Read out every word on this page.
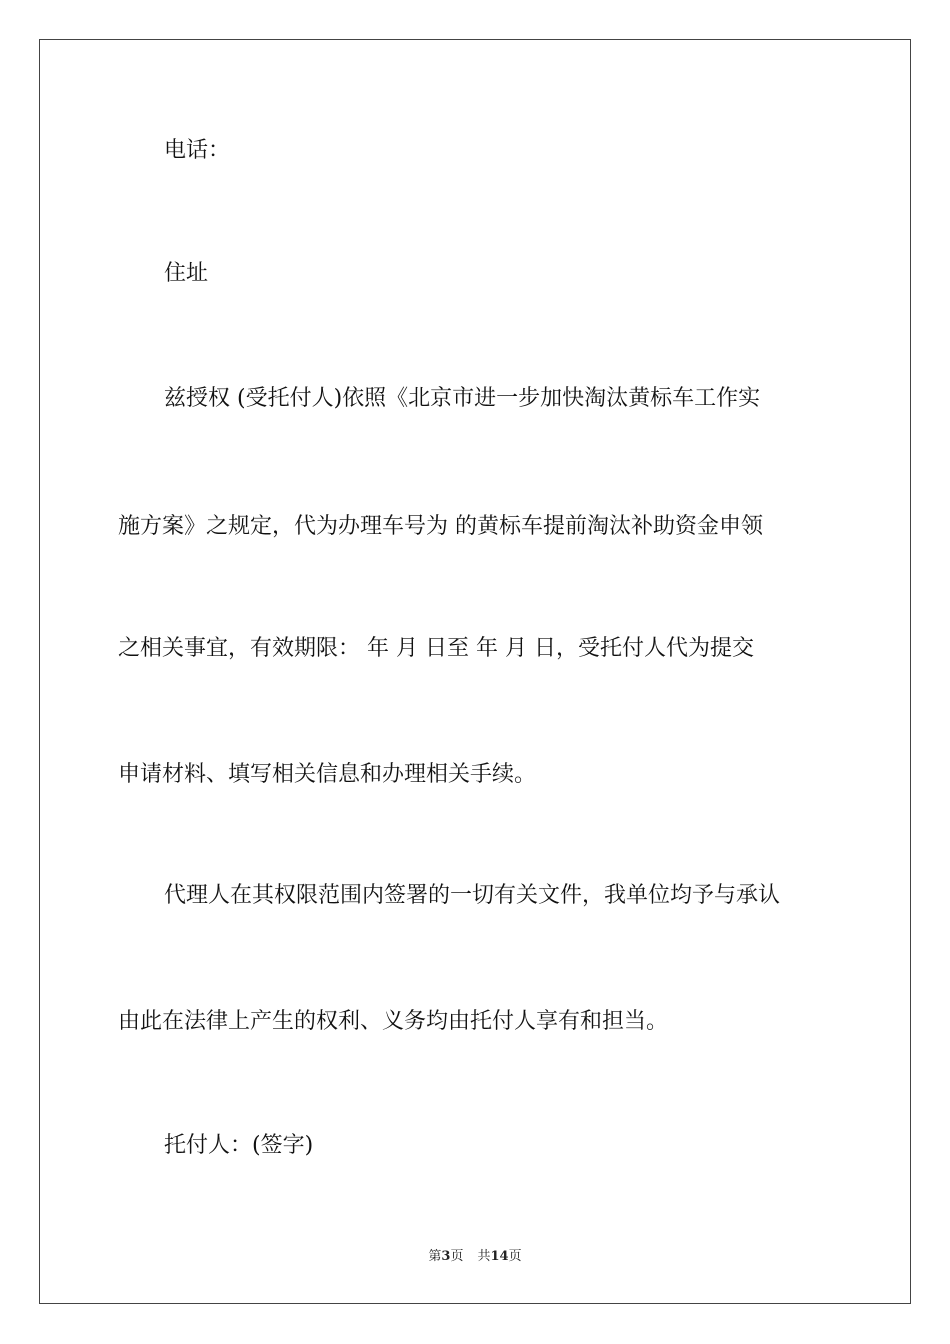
电话：
住址
兹授权 (受托付人)依照《北京市进一步加快淘汰黄标车工作实
施方案》之规定，代为办理车号为 的黄标车提前淘汰补助资金申领
之相关事宜，有效期限： 年 月 日至 年 月 日，受托付人代为提交
申请材料、填写相关信息和办理相关手续。
代理人在其权限范围内签署的一切有关文件，我单位均予与承认
由此在法律上产生的权利、义务均由托付人享有和担当。
托付人：(签字)
第3页 共14页
